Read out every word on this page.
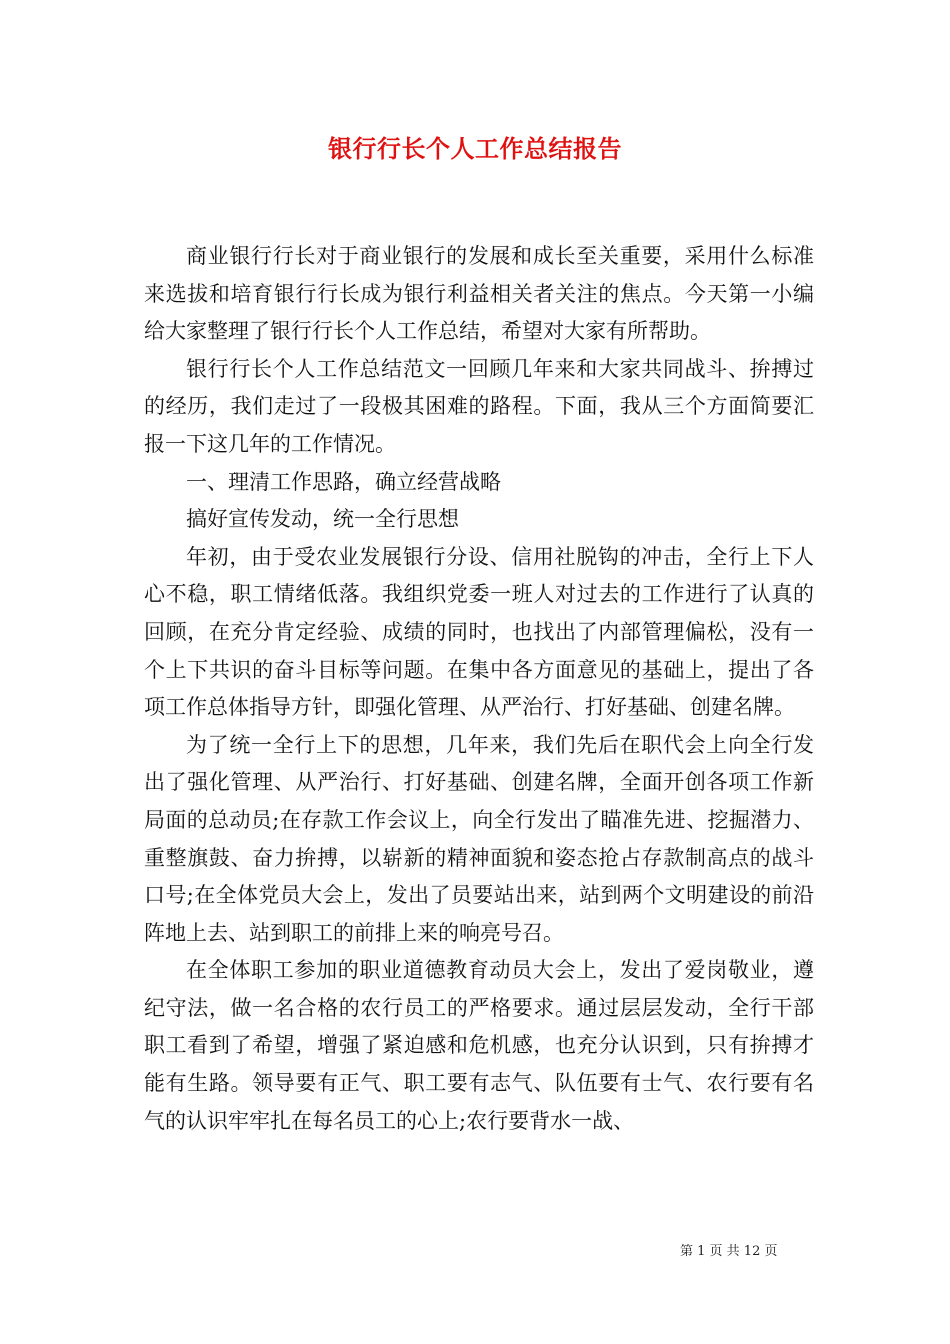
银行行长个人工作总结报告

商业银行行长对于商业银行的发展和成长至关重要，采用什么标准来选拔和培育银行行长成为银行利益相关者关注的焦点。今天第一小编给大家整理了银行行长个人工作总结，希望对大家有所帮助。

银行行长个人工作总结范文一回顾几年来和大家共同战斗、拚搏过的经历，我们走过了一段极其困难的路程。下面，我从三个方面简要汇报一下这几年的工作情况。

一、理清工作思路，确立经营战略

搞好宣传发动，统一全行思想

年初，由于受农业发展银行分设、信用社脱钩的冲击，全行上下人心不稳，职工情绪低落。我组织党委一班人对过去的工作进行了认真的回顾，在充分肯定经验、成绩的同时，也找出了内部管理偏松，没有一个上下共识的奋斗目标等问题。在集中各方面意见的基础上，提出了各项工作总体指导方针，即强化管理、从严治行、打好基础、创建名牌。

为了统一全行上下的思想，几年来，我们先后在职代会上向全行发出了强化管理、从严治行、打好基础、创建名牌，全面开创各项工作新局面的总动员;在存款工作会议上，向全行发出了瞄准先进、挖掘潜力、重整旗鼓、奋力拚搏，以崭新的精神面貌和姿态抢占存款制高点的战斗口号;在全体党员大会上，发出了员要站出来，站到两个文明建设的前沿阵地上去、站到职工的前排上来的响亮号召。

在全体职工参加的职业道德教育动员大会上，发出了爱岗敬业，遵纪守法，做一名合格的农行员工的严格要求。通过层层发动，全行干部职工看到了希望，增强了紧迫感和危机感，也充分认识到，只有拚搏才能有生路。领导要有正气、职工要有志气、队伍要有士气、农行要有名气的认识牢牢扎在每名员工的心上;农行要背水一战、

第 1 页 共 12 页
